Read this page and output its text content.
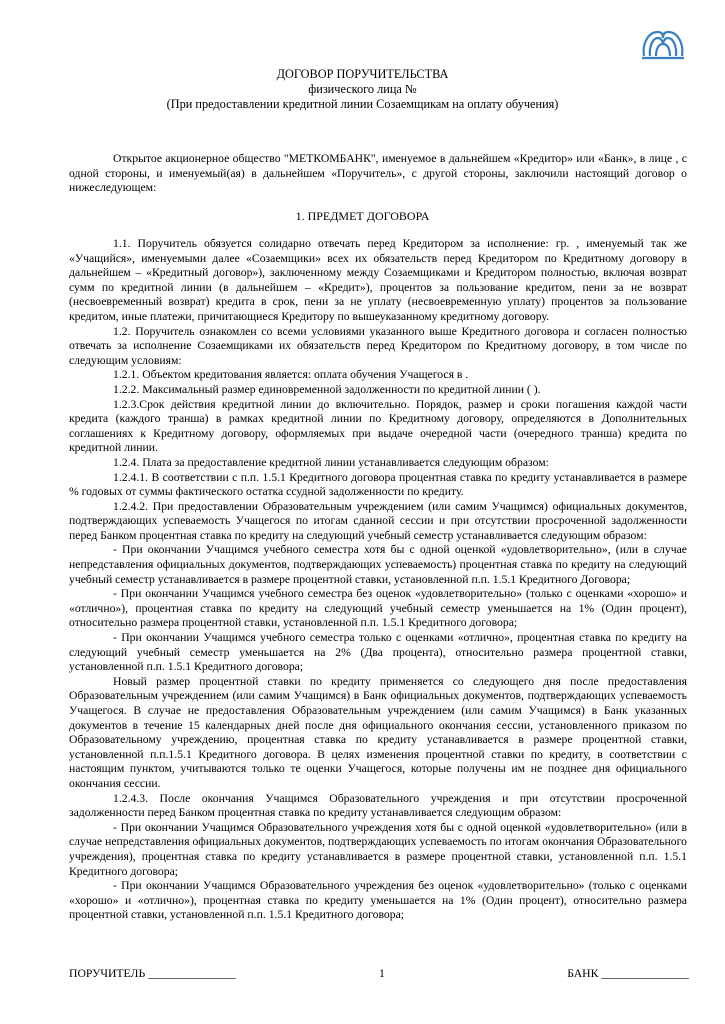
ДОГОВОР ПОРУЧИТЕЛЬСТВА
физического лица №
(При предоставлении кредитной линии Созаемщикам на оплату обучения)

Открытое акционерное общество "МЕТКОМБАНК", именуемое в дальнейшем «Кредитор» или «Банк», в лице , с одной стороны, и именуемый(ая) в дальнейшем «Поручитель», с другой стороны, заключили настоящий договор о нижеследующем:

1. ПРЕДМЕТ ДОГОВОРА

1.1. Поручитель обязуется солидарно отвечать перед Кредитором за исполнение: гр. , именуемый так же «Учащийся», именуемыми далее «Созаемщики» всех их обязательств перед Кредитором по Кредитному договору в дальнейшем – «Кредитный договор»), заключенному между Созаемщиками и Кредитором полностью, включая возврат сумм по кредитной линии (в дальнейшем – «Кредит»), процентов за пользование кредитом, пени за не возврат (несвоевременный возврат) кредита в срок, пени за не уплату (несвоевременную уплату) процентов за пользование кредитом, иные платежи, причитающиеся Кредитору по вышеуказанному кредитному договору.

1.2. Поручитель ознакомлен со всеми условиями указанного выше Кредитного договора и согласен полностью отвечать за исполнение Созаемщиками их обязательств перед Кредитором по Кредитному договору, в том числе по следующим условиям:

1.2.1. Объектом кредитования является: оплата обучения Учащегося в .

1.2.2. Максимальный размер единовременной задолженности по кредитной линии ( ).

1.2.3.Срок действия кредитной линии до включительно. Порядок, размер и сроки погашения каждой части кредита (каждого транша) в рамках кредитной линии по Кредитному договору, определяются в Дополнительных соглашениях к Кредитному договору, оформляемых при выдаче очередной части (очередного транша) кредита по кредитной линии.

1.2.4. Плата за предоставление кредитной линии устанавливается следующим образом:

1.2.4.1. В соответствии с п.п. 1.5.1 Кредитного договора процентная ставка по кредиту устанавливается в размере % годовых от суммы фактического остатка ссудной задолженности по кредиту.

1.2.4.2. При предоставлении Образовательным учреждением (или самим Учащимся) официальных документов, подтверждающих успеваемость Учащегося по итогам сданной сессии и при отсутствии просроченной задолженности перед Банком процентная ставка по кредиту на следующий учебный семестр устанавливается следующим образом:

- При окончании Учащимся учебного семестра хотя бы с одной оценкой «удовлетворительно», (или в случае непредставления официальных документов, подтверждающих успеваемость) процентная ставка по кредиту на следующий учебный семестр устанавливается в размере процентной ставки, установленной п.п. 1.5.1 Кредитного Договора;

- При окончании Учащимся учебного семестра без оценок «удовлетворительно» (только с оценками «хорошо» и «отлично»), процентная ставка по кредиту на следующий учебный семестр уменьшается на 1% (Один процент), относительно размера процентной ставки, установленной п.п. 1.5.1 Кредитного договора;

- При окончании Учащимся учебного семестра только с оценками «отлично», процентная ставка по кредиту на следующий учебный семестр уменьшается на 2% (Два процента), относительно размера процентной ставки, установленной п.п. 1.5.1 Кредитного договора;

Новый размер процентной ставки по кредиту применяется со следующего дня после предоставления Образовательным учреждением (или самим Учащимся) в Банк официальных документов, подтверждающих успеваемость Учащегося. В случае не предоставления Образовательным учреждением (или самим Учащимся) в Банк указанных документов в течение 15 календарных дней после дня официального окончания сессии, установленного приказом по Образовательному учреждению, процентная ставка по кредиту устанавливается в размере процентной ставки, установленной п.п.1.5.1 Кредитного договора. В целях изменения процентной ставки по кредиту, в соответствии с настоящим пунктом, учитываются только те оценки Учащегося, которые получены им не позднее дня официального окончания сессии.

1.2.4.3. После окончания Учащимся Образовательного учреждения и при отсутствии просроченной задолженности перед Банком процентная ставка по кредиту устанавливается следующим образом:

- При окончании Учащимся Образовательного учреждения хотя бы с одной оценкой «удовлетворительно» (или в случае непредставления официальных документов, подтверждающих успеваемость по итогам окончания Образовательного учреждения), процентная ставка по кредиту устанавливается в размере процентной ставки, установленной п.п. 1.5.1 Кредитного договора;

- При окончании Учащимся Образовательного учреждения без оценок «удовлетворительно» (только с оценками «хорошо» и «отлично»), процентная ставка по кредиту уменьшается на 1% (Один процент), относительно размера процентной ставки, установленной п.п. 1.5.1 Кредитного договора;

ПОРУЧИТЕЛЬ _______________	1	БАНК _______________
